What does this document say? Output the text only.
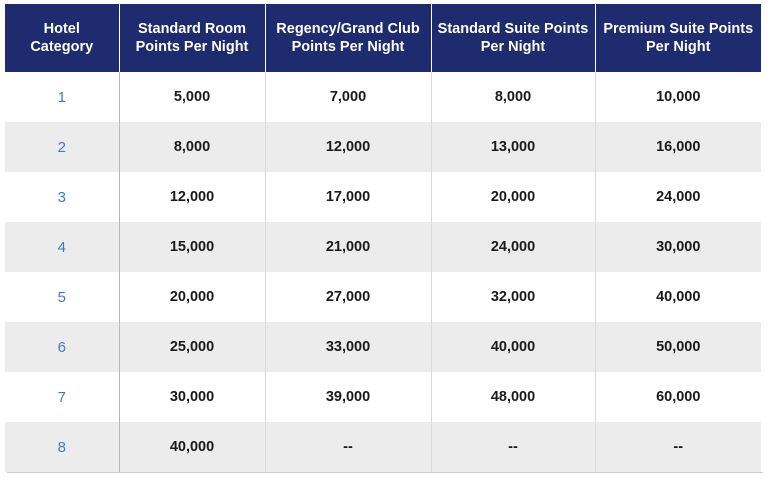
Hotel Category	Standard Room Points Per Night	Regency/Grand Club Points Per Night	Standard Suite Points Per Night	Premium Suite Points Per Night
1	5,000	7,000	8,000	10,000
2	8,000	12,000	13,000	16,000
3	12,000	17,000	20,000	24,000
4	15,000	21,000	24,000	30,000
5	20,000	27,000	32,000	40,000
6	25,000	33,000	40,000	50,000
7	30,000	39,000	48,000	60,000
8	40,000	--	--	--
